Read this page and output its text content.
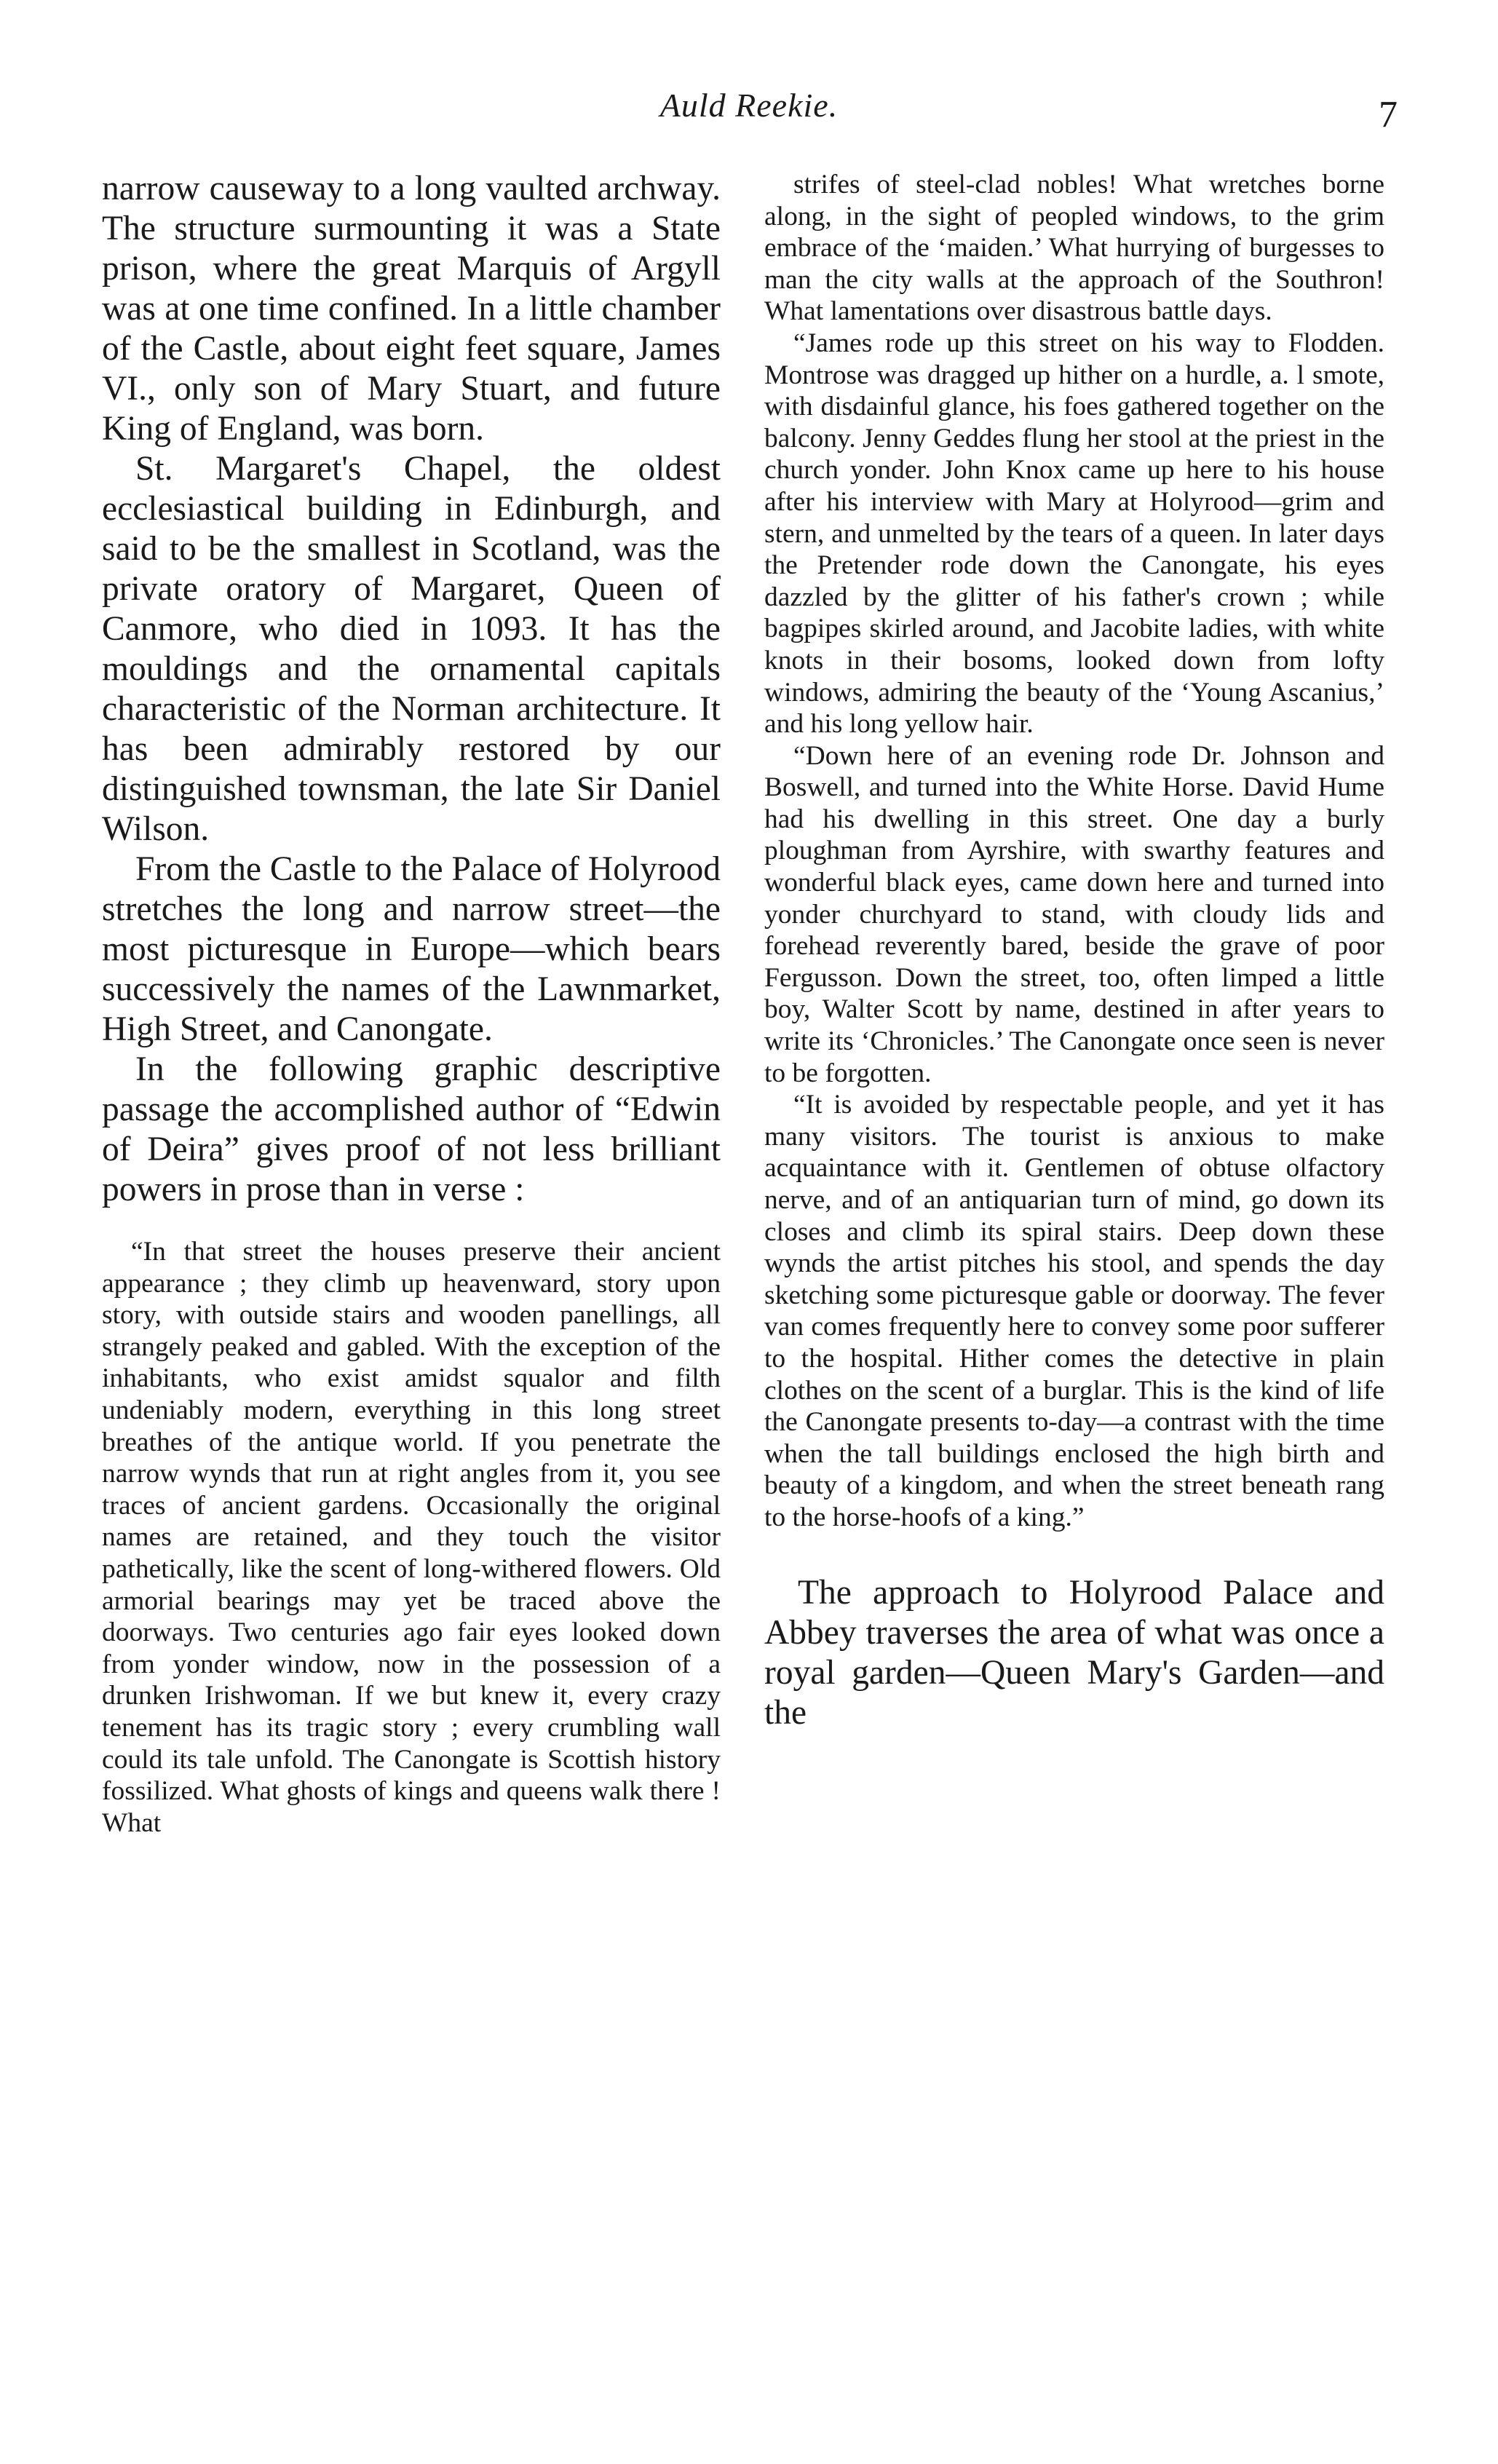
Auld Reekie.	7

narrow causeway to a long vaulted archway. The structure surmounting it was a State prison, where the great Marquis of Argyll was at one time confined. In a little chamber of the Castle, about eight feet square, James VI., only son of Mary Stuart, and future King of England, was born.

St. Margaret's Chapel, the oldest ecclesiastical building in Edinburgh, and said to be the smallest in Scotland, was the private oratory of Margaret, Queen of Canmore, who died in 1093. It has the mouldings and the ornamental capitals characteristic of the Norman architecture. It has been admirably restored by our distinguished townsman, the late Sir Daniel Wilson.

From the Castle to the Palace of Holyrood stretches the long and narrow street—the most picturesque in Europe—which bears successively the names of the Lawnmarket, High Street, and Canongate.

In the following graphic descriptive passage the accomplished author of “Edwin of Deira” gives proof of not less brilliant powers in prose than in verse :

“In that street the houses preserve their ancient appearance ; they climb up heavenward, story upon story, with outside stairs and wooden panellings, all strangely peaked and gabled. With the exception of the inhabitants, who exist amidst squalor and filth undeniably modern, everything in this long street breathes of the antique world. If you penetrate the narrow wynds that run at right angles from it, you see traces of ancient gardens. Occasionally the original names are retained, and they touch the visitor pathetically, like the scent of long-withered flowers. Old armorial bearings may yet be traced above the doorways. Two centuries ago fair eyes looked down from yonder window, now in the possession of a drunken Irishwoman. If we but knew it, every crazy tenement has its tragic story ; every crumbling wall could its tale unfold. The Canongate is Scottish history fossilized. What ghosts of kings and queens walk there ! What

strifes of steel-clad nobles! What wretches borne along, in the sight of peopled windows, to the grim embrace of the ‘maiden.’ What hurrying of burgesses to man the city walls at the approach of the Southron! What lamentations over disastrous battle days.

“James rode up this street on his way to Flodden. Montrose was dragged up hither on a hurdle, a. l smote, with disdainful glance, his foes gathered together on the balcony. Jenny Geddes flung her stool at the priest in the church yonder. John Knox came up here to his house after his interview with Mary at Holyrood—grim and stern, and unmelted by the tears of a queen. In later days the Pretender rode down the Canongate, his eyes dazzled by the glitter of his father's crown ; while bagpipes skirled around, and Jacobite ladies, with white knots in their bosoms, looked down from lofty windows, admiring the beauty of the ‘Young Ascanius,’ and his long yellow hair.

“Down here of an evening rode Dr. Johnson and Boswell, and turned into the White Horse. David Hume had his dwelling in this street. One day a burly ploughman from Ayrshire, with swarthy features and wonderful black eyes, came down here and turned into yonder churchyard to stand, with cloudy lids and forehead reverently bared, beside the grave of poor Fergusson. Down the street, too, often limped a little boy, Walter Scott by name, destined in after years to write its ‘Chronicles.’ The Canongate once seen is never to be forgotten.

“It is avoided by respectable people, and yet it has many visitors. The tourist is anxious to make acquaintance with it. Gentlemen of obtuse olfactory nerve, and of an antiquarian turn of mind, go down its closes and climb its spiral stairs. Deep down these wynds the artist pitches his stool, and spends the day sketching some picturesque gable or doorway. The fever van comes frequently here to convey some poor sufferer to the hospital. Hither comes the detective in plain clothes on the scent of a burglar. This is the kind of life the Canongate presents to-day—a contrast with the time when the tall buildings enclosed the high birth and beauty of a kingdom, and when the street beneath rang to the horse-hoofs of a king.”

The approach to Holyrood Palace and Abbey traverses the area of what was once a royal garden—Queen Mary's Garden—and the
